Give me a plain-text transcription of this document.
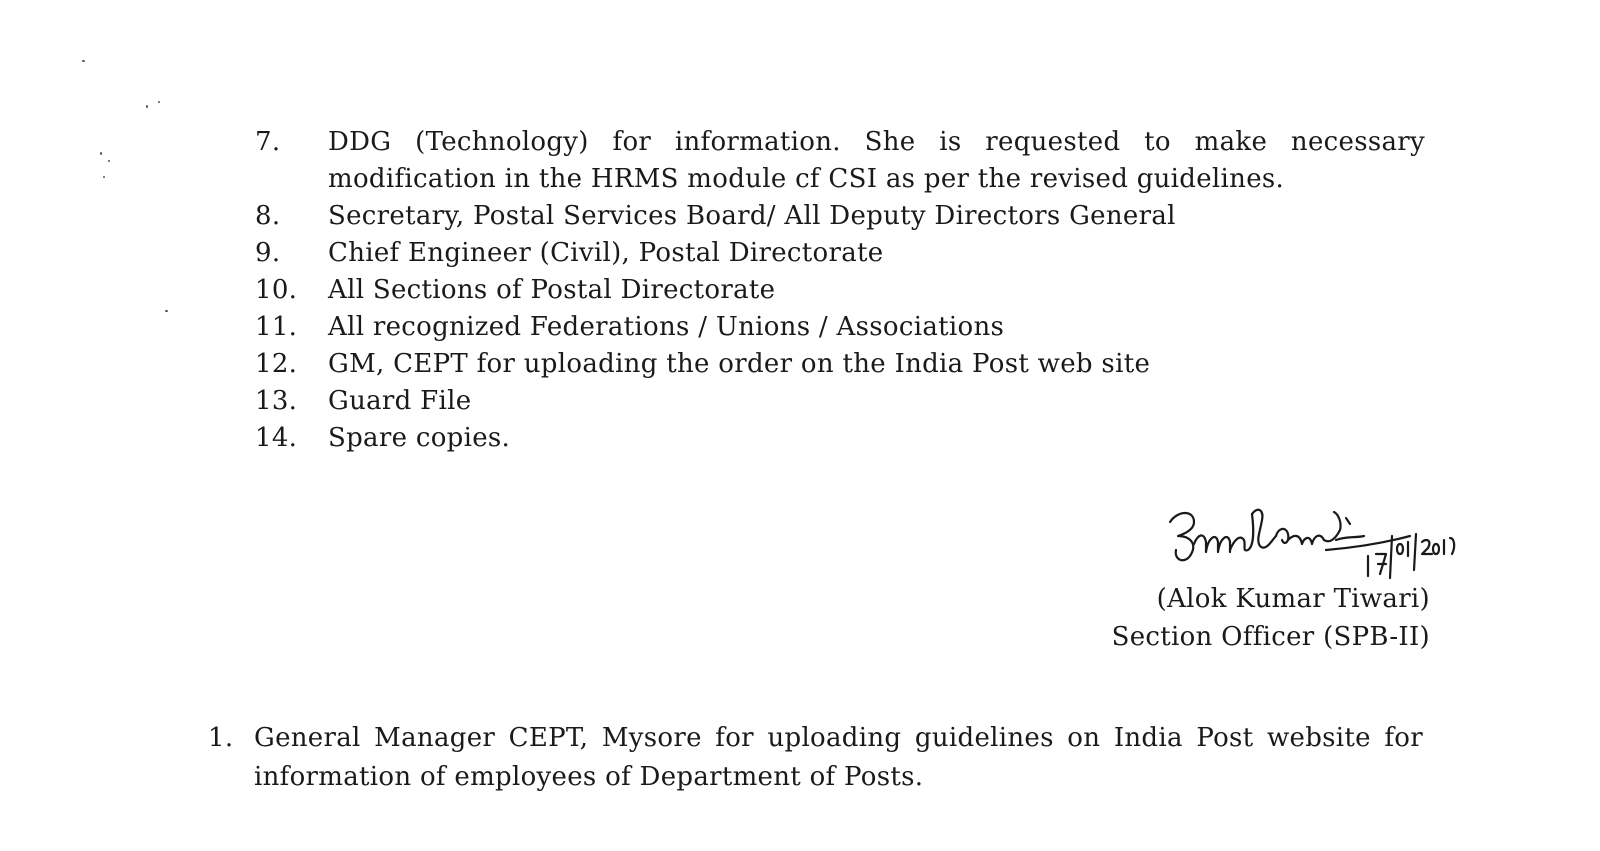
7. DDG (Technology) for information. She is requested to make necessary modification in the HRMS module cf CSI as per the revised guidelines.
8. Secretary, Postal Services Board/ All Deputy Directors General
9. Chief Engineer (Civil), Postal Directorate
10. All Sections of Postal Directorate
11. All recognized Federations / Unions / Associations
12. GM, CEPT for uploading the order on the India Post web site
13. Guard File
14. Spare copies.
(Alok Kumar Tiwari)
Section Officer (SPB-II)
1. General Manager CEPT, Mysore for uploading guidelines on India Post website for information of employees of Department of Posts.
